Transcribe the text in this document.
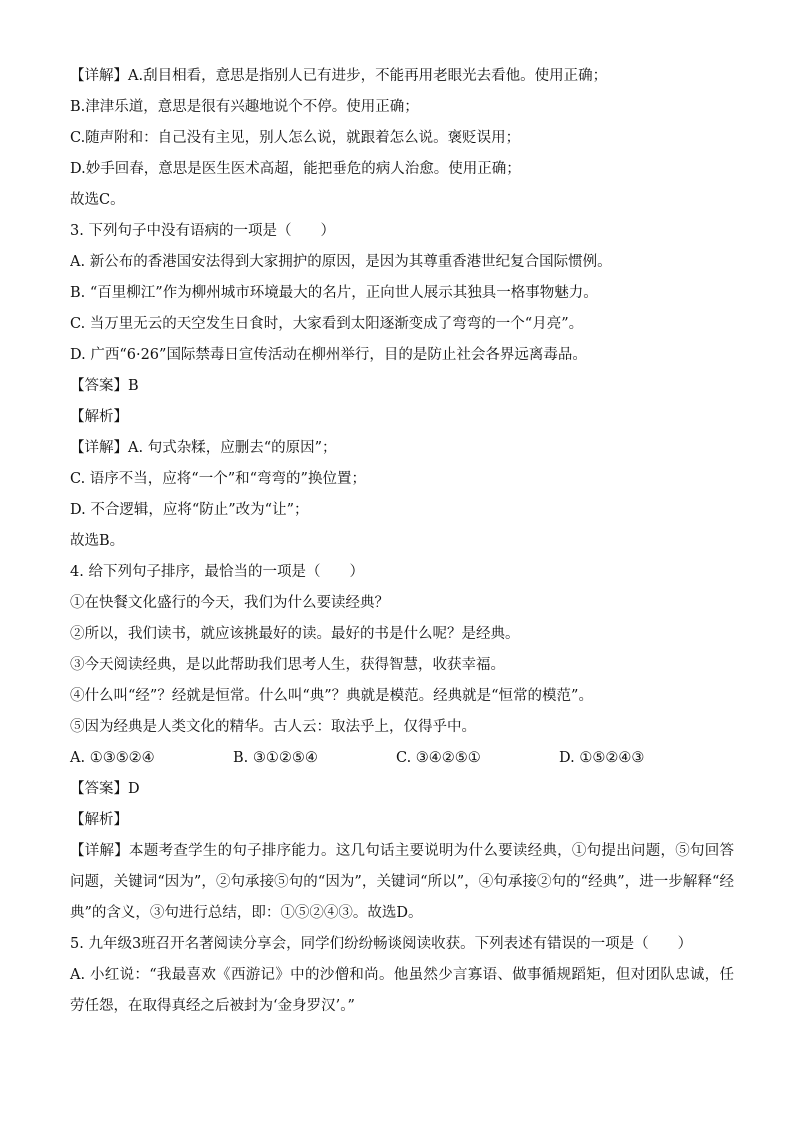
【详解】A.刮目相看，意思是指别人已有进步，不能再用老眼光去看他。使用正确；
B.津津乐道，意思是很有兴趣地说个不停。使用正确；
C.随声附和：自己没有主见，别人怎么说，就跟着怎么说。褒贬误用；
D.妙手回春，意思是医生医术高超，能把垂危的病人治愈。使用正确；
故选C。
3. 下列句子中没有语病的一项是（　　）
A. 新公布的香港国安法得到大家拥护的原因，是因为其尊重香港世纪复合国际惯例。
B. “百里柳江”作为柳州城市环境最大的名片，正向世人展示其独具一格事物魅力。
C. 当万里无云的天空发生日食时，大家看到太阳逐渐变成了弯弯的一个“月亮”。
D. 广西“6·26”国际禁毒日宣传活动在柳州举行，目的是防止社会各界远离毒品。
【答案】B
【解析】
【详解】A. 句式杂糅，应删去“的原因”；
C. 语序不当，应将“一个”和“弯弯的”换位置；
D. 不合逻辑，应将“防止”改为“让”；
故选B。
4. 给下列句子排序，最恰当的一项是（　　）
①在快餐文化盛行的今天，我们为什么要读经典？
②所以，我们读书，就应该挑最好的读。最好的书是什么呢？是经典。
③今天阅读经典，是以此帮助我们思考人生，获得智慧，收获幸福。
④什么叫“经”？经就是恒常。什么叫“典”？典就是模范。经典就是“恒常的模范”。
⑤因为经典是人类文化的精华。古人云：取法乎上，仅得乎中。
A. ①③⑤②④	B. ③①②⑤④	C. ③④②⑤①	D. ①⑤②④③
【答案】D
【解析】
【详解】本题考查学生的句子排序能力。这几句话主要说明为什么要读经典，①句提出问题，⑤句回答问题，关键词“因为”，②句承接⑤句的“因为”，关键词“所以”，④句承接②句的“经典”，进一步解释“经典”的含义，③句进行总结，即：①⑤②④③。故选D。
5. 九年级3班召开名著阅读分享会，同学们纷纷畅谈阅读收获。下列表述有错误的一项是（　　）
A. 小红说：“我最喜欢《西游记》中的沙僧和尚。他虽然少言寡语、做事循规蹈矩，但对团队忠诚，任劳任怨，在取得真经之后被封为‘金身罗汉’。”
